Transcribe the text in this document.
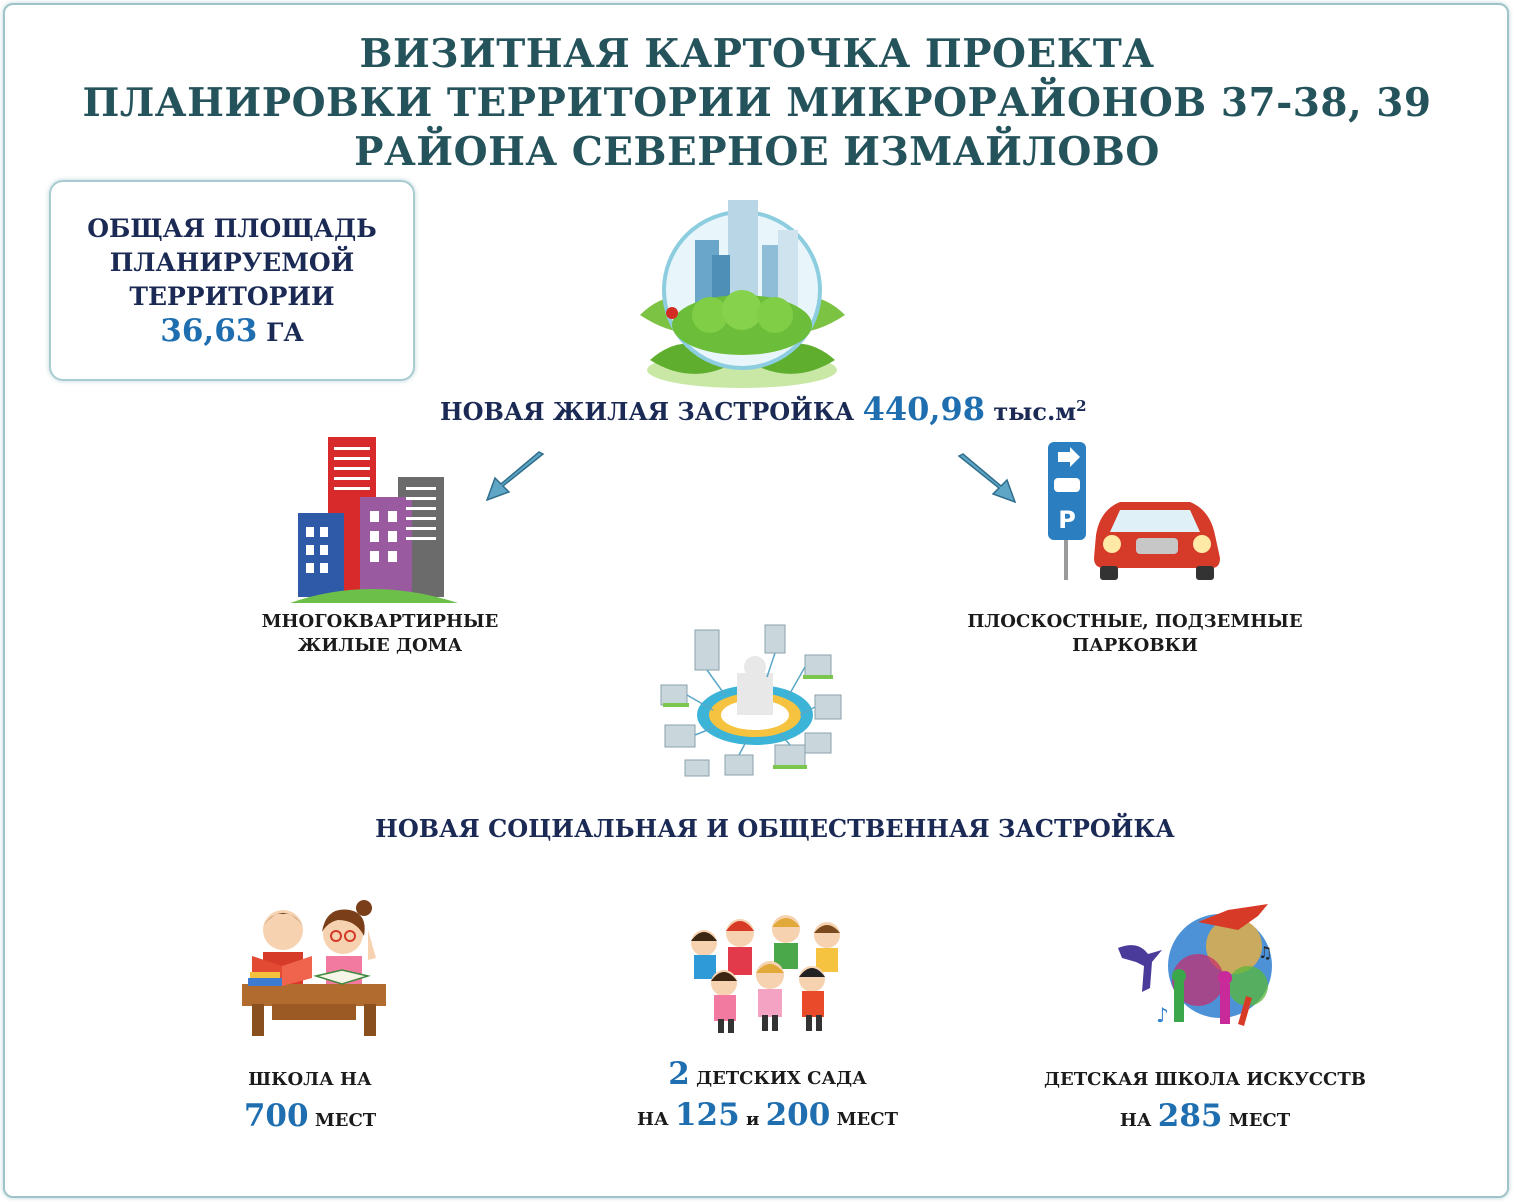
ВИЗИТНАЯ КАРТОЧКА ПРОЕКТА
ПЛАНИРОВКИ ТЕРРИТОРИИ МИКРОРАЙОНОВ 37-38, 39
РАЙОНА СЕВЕРНОЕ ИЗМАЙЛОВО
ОБЩАЯ ПЛОЩАДЬ
ПЛАНИРУЕМОЙ
ТЕРРИТОРИИ
36,63 ГА
НОВАЯ ЖИЛАЯ ЗАСТРОЙКА 440,98 $тыс.м^2$
МНОГОКВАРТИРНЫЕ
ЖИЛЫЕ ДОМА
P
ПЛОСКОСТНЫЕ, ПОДЗЕМНЫЕ
ПАРКОВКИ
НОВАЯ СОЦИАЛЬНАЯ И ОБЩЕСТВЕННАЯ ЗАСТРОЙКА
ШКОЛА НА
700 МЕСТ
2 ДЕТСКИХ САДА
НА 125 и 200 МЕСТ
♪
♫
ДЕТСКАЯ ШКОЛА ИСКУССТВ
НА 285 МЕСТ
